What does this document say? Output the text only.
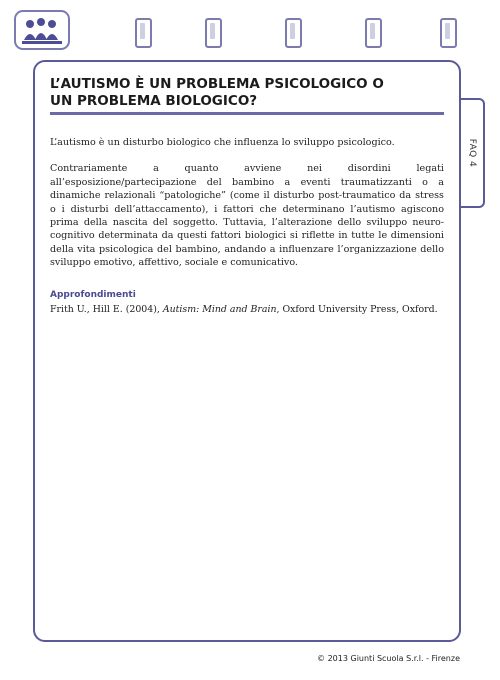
FAQ 4
L’AUTISMO È UN PROBLEMA PSICOLOGICO O
UN PROBLEMA BIOLOGICO?

L’autismo è un disturbo biologico che influenza lo sviluppo psicologico.

Contrariamente a quanto avviene nei disordini legati all’esposizione/partecipazione del bambino a eventi traumatizzanti o a dinamiche relazionali “patologiche” (come il disturbo post-traumatico da stress o i disturbi dell’attaccamento), i fattori che determinano l’autismo agiscono prima della nascita del soggetto. Tuttavia, l’alterazione dello sviluppo neuro-cognitivo determinata da questi fattori biologici si riflette in tutte le dimensioni della vita psicologica del bambino, andando a influenzare l’organizzazione dello sviluppo emotivo, affettivo, sociale e comunicativo.

Approfondimenti

Frith U., Hill E. (2004), Autism: Mind and Brain, Oxford University Press, Oxford.

© 2013 Giunti Scuola S.r.l. - Firenze
